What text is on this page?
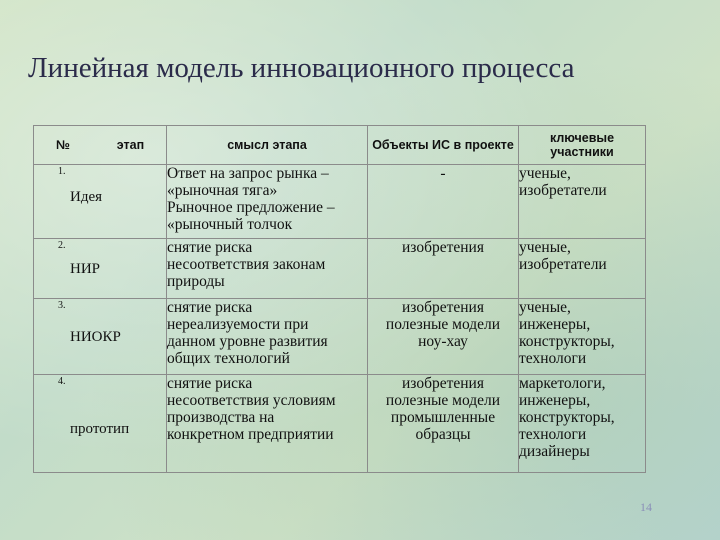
Линейная модель инновационного процесса
№ этап	смысл этапа	Объекты ИС в проекте	ключевые участники

1.
Идея	Ответ на запрос рынка –
«рыночная тяга»
Рыночное предложение –
«рыночный толчок	-	ученые,
изобретатели

2.
НИР	снятие риска
несоответствия законам
природы	изобретения	ученые,
изобретатели

3.
НИОКР	снятие риска
нереализуемости при
данном уровне развития
общих технологий	изобретения
полезные модели
ноу-хау	ученые,
инженеры,
конструкторы,
технологи

4.
прототип	снятие риска
несоответствия условиям
производства на
конкретном предприятии	изобретения
полезные модели
промышленные
образцы	маркетологи,
инженеры,
конструкторы,
технологи
дизайнеры
14
